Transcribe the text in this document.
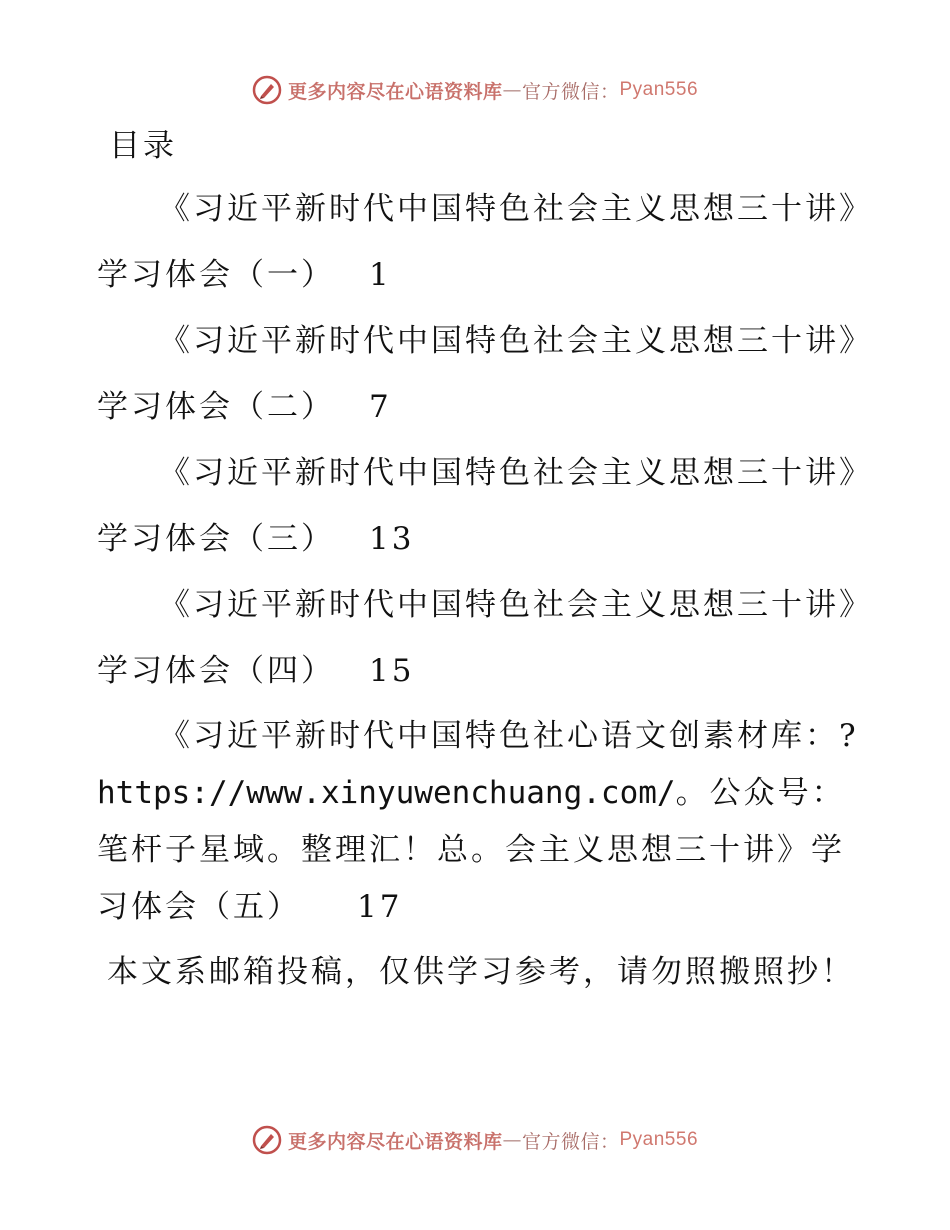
更多内容尽在心语资料库 — 官方微信： Pyan556
目录

《习近平新时代中国特色社会主义思想三十讲》学习体会（一） 1

《习近平新时代中国特色社会主义思想三十讲》学习体会（二） 7

《习近平新时代中国特色社会主义思想三十讲》学习体会（三） 13

《习近平新时代中国特色社会主义思想三十讲》学习体会（四） 15

《习近平新时代中国特色社心语文创素材库：?https://www.xinyuwenchuang.com/。公众号：笔杆子星域。整理汇！总。会主义思想三十讲》学习体会（五） 17

本文系邮箱投稿，仅供学习参考，请勿照搬照抄！

更多内容尽在心语资料库 — 官方微信： Pyan556
